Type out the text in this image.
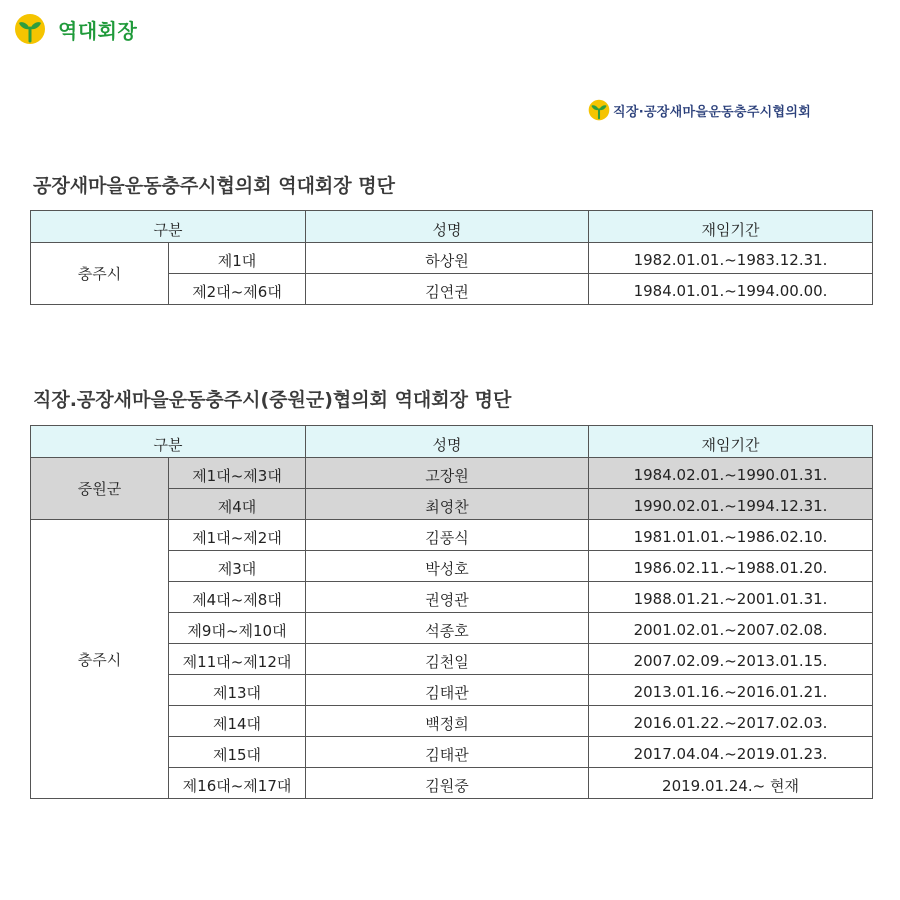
역대회장
직장·공장새마을운동충주시협의회
공장새마을운동충주시협의회 역대회장 명단
구분		성명	재임기간
충주시	제1대	하상원	1982.01.01.~1983.12.31.
	제2대~제6대	김연권	1984.01.01.~1994.00.00.
직장.공장새마을운동충주시(중원군)협의회 역대회장 명단
구분		성명	재임기간
중원군	제1대~제3대	고장원	1984.02.01.~1990.01.31.
	제4대	최영찬	1990.02.01.~1994.12.31.
충주시	제1대~제2대	김풍식	1981.01.01.~1986.02.10.
	제3대	박성호	1986.02.11.~1988.01.20.
	제4대~제8대	권영관	1988.01.21.~2001.01.31.
	제9대~제10대	석종호	2001.02.01.~2007.02.08.
	제11대~제12대	김천일	2007.02.09.~2013.01.15.
	제13대	김태관	2013.01.16.~2016.01.21.
	제14대	백정희	2016.01.22.~2017.02.03.
	제15대	김태관	2017.04.04.~2019.01.23.
	제16대~제17대	김원중	2019.01.24.~ 현재
